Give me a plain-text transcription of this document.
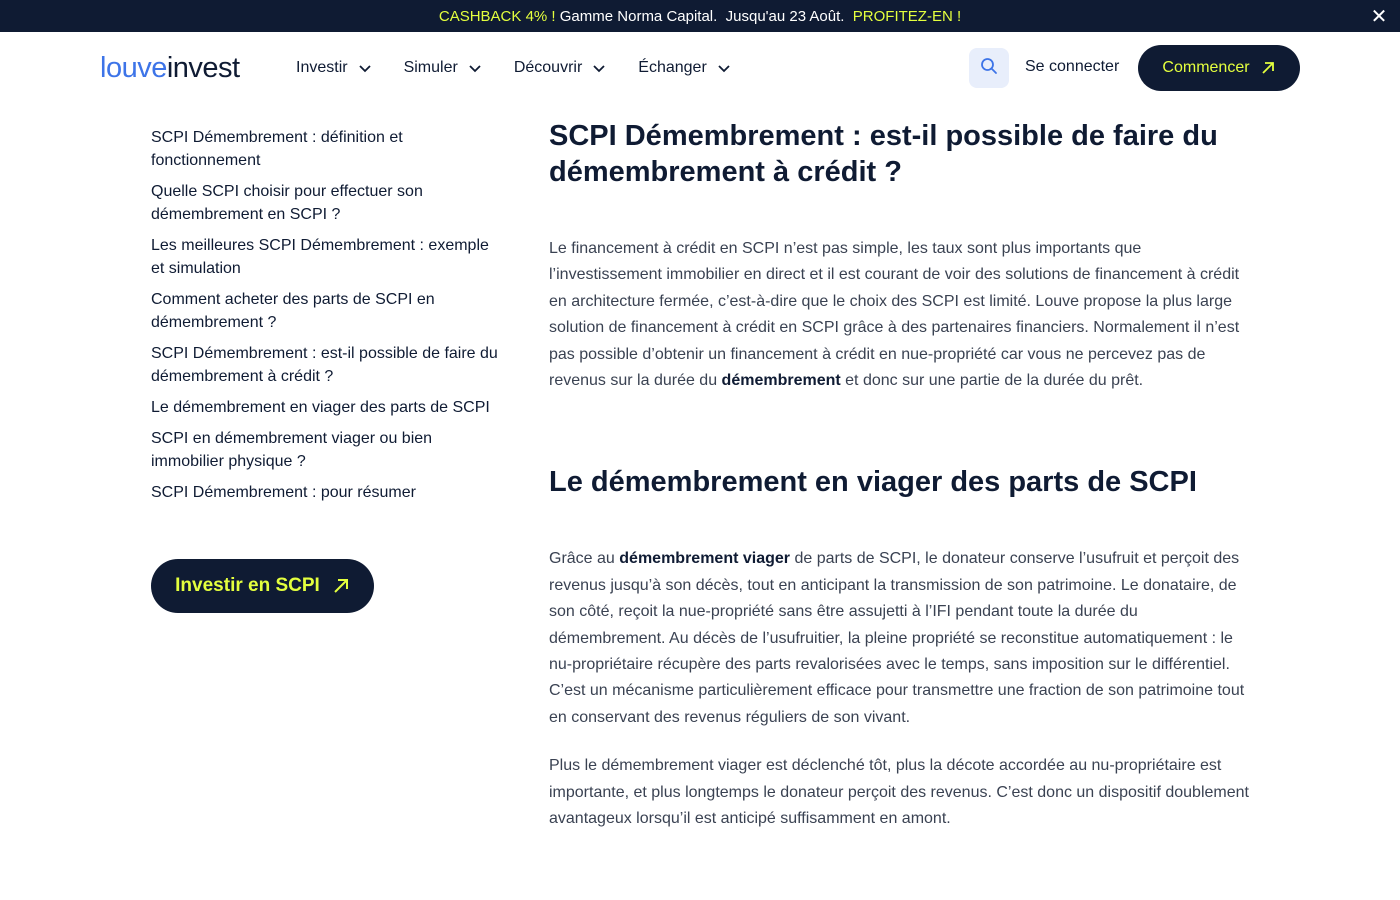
CASHBACK 4% ! Gamme Norma Capital. Jusqu'au 23 Août. PROFITEZ-EN !	✕
louve invest	Investir	Simuler	Découvrir	Échanger	Se connecter	Commencer
SCPI Démembrement : définition et fonctionnement
Quelle SCPI choisir pour effectuer son démembrement en SCPI ?
Les meilleures SCPI Démembrement : exemple et simulation
Comment acheter des parts de SCPI en démembrement ?
SCPI Démembrement : est-il possible de faire du démembrement à crédit ?
Le démembrement en viager des parts de SCPI
SCPI en démembrement viager ou bien immobilier physique ?
SCPI Démembrement : pour résumer
Investir en SCPI
SCPI Démembrement : est-il possible de faire du démembrement à crédit ?

Le financement à crédit en SCPI n’est pas simple, les taux sont plus importants que l’investissement immobilier en direct et il est courant de voir des solutions de financement à crédit en architecture fermée, c’est-à-dire que le choix des SCPI est limité. Louve propose la plus large solution de financement à crédit en SCPI grâce à des partenaires financiers. Normalement il n’est pas possible d’obtenir un financement à crédit en nue-propriété car vous ne percevez pas de revenus sur la durée du démembrement et donc sur une partie de la durée du prêt.

Le démembrement en viager des parts de SCPI

Grâce au démembrement viager de parts de SCPI, le donateur conserve l’usufruit et perçoit des revenus jusqu’à son décès, tout en anticipant la transmission de son patrimoine. Le donataire, de son côté, reçoit la nue-propriété sans être assujetti à l’IFI pendant toute la durée du démembrement. Au décès de l’usufruitier, la pleine propriété se reconstitue automatiquement : le nu-propriétaire récupère des parts revalorisées avec le temps, sans imposition sur le différentiel. C’est un mécanisme particulièrement efficace pour transmettre une fraction de son patrimoine tout en conservant des revenus réguliers de son vivant.

Plus le démembrement viager est déclenché tôt, plus la décote accordée au nu-propriétaire est importante, et plus longtemps le donateur perçoit des revenus. C’est donc un dispositif doublement avantageux lorsqu’il est anticipé suffisamment en amont.
